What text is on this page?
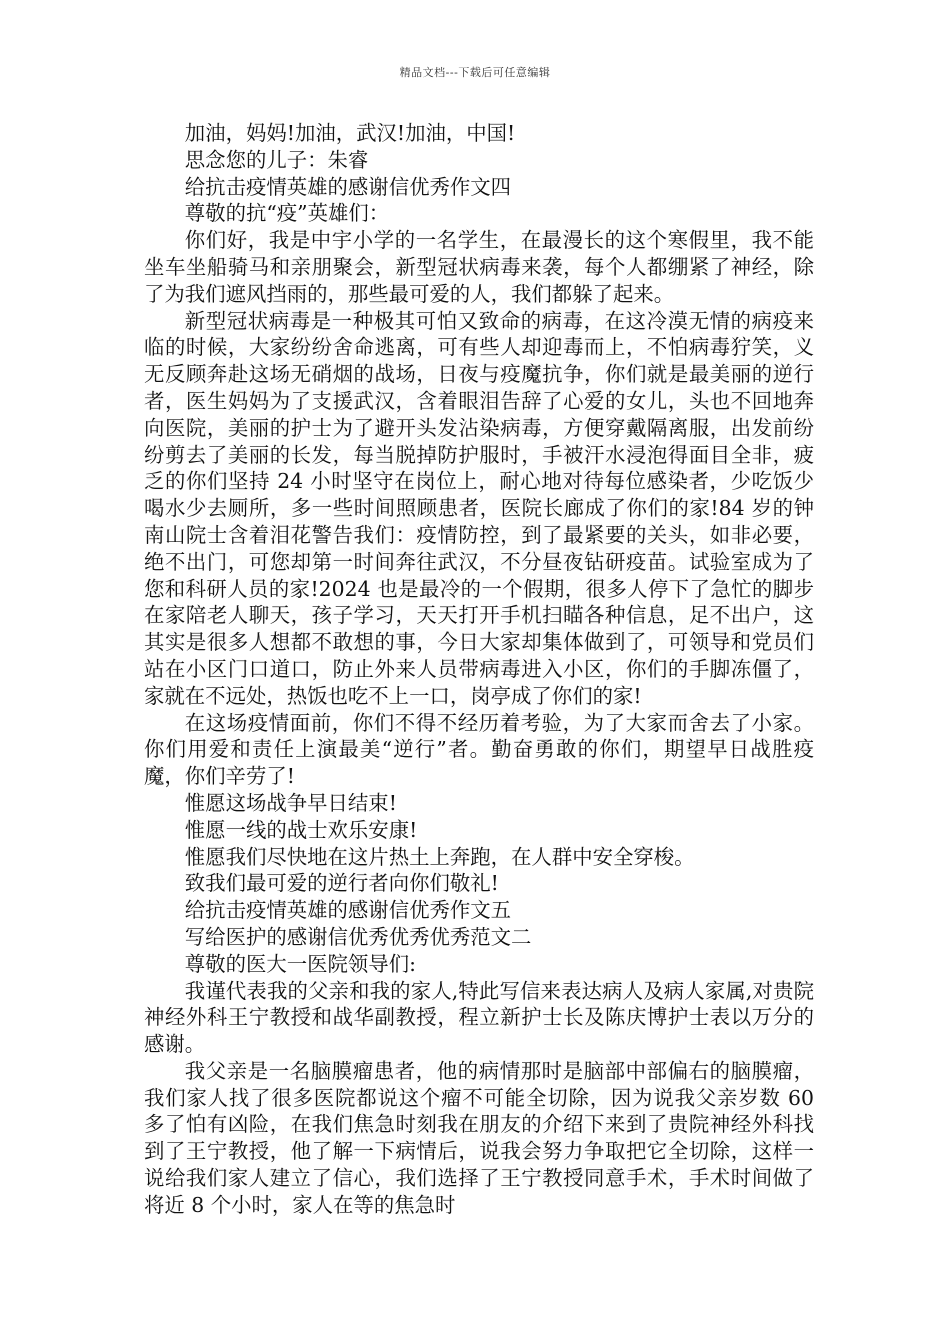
精品文档---下载后可任意编辑

加油，妈妈!加油，武汉!加油，中国!

思念您的儿子：朱睿

给抗击疫情英雄的感谢信优秀作文四

尊敬的抗“疫”英雄们：

你们好，我是中宇小学的一名学生，在最漫长的这个寒假里，我不能坐车坐船骑马和亲朋聚会，新型冠状病毒来袭，每个人都绷紧了神经，除了为我们遮风挡雨的，那些最可爱的人，我们都躲了起来。

新型冠状病毒是一种极其可怕又致命的病毒，在这冷漠无情的病疫来临的时候，大家纷纷舍命逃离，可有些人却迎毒而上，不怕病毒狞笑，义无反顾奔赴这场无硝烟的战场，日夜与疫魔抗争，你们就是最美丽的逆行者，医生妈妈为了支援武汉，含着眼泪告辞了心爱的女儿，头也不回地奔向医院，美丽的护士为了避开头发沾染病毒，方便穿戴隔离服，出发前纷纷剪去了美丽的长发，每当脱掉防护服时，手被汗水浸泡得面目全非，疲乏的你们坚持 24 小时坚守在岗位上，耐心地对待每位感染者，少吃饭少喝水少去厕所，多一些时间照顾患者，医院长廊成了你们的家!84 岁的钟南山院士含着泪花警告我们：疫情防控，到了最紧要的关头，如非必要，绝不出门，可您却第一时间奔往武汉，不分昼夜钻研疫苗。试验室成为了您和科研人员的家!2024 也是最冷的一个假期，很多人停下了急忙的脚步在家陪老人聊天，孩子学习，天天打开手机扫瞄各种信息，足不出户，这其实是很多人想都不敢想的事，今日大家却集体做到了，可领导和党员们站在小区门口道口，防止外来人员带病毒进入小区，你们的手脚冻僵了，家就在不远处，热饭也吃不上一口，岗亭成了你们的家!

在这场疫情面前，你们不得不经历着考验，为了大家而舍去了小家。你们用爱和责任上演最美“逆行”者。勤奋勇敢的你们，期望早日战胜疫魔，你们辛劳了!

惟愿这场战争早日结束!

惟愿一线的战士欢乐安康!

惟愿我们尽快地在这片热土上奔跑，在人群中安全穿梭。

致我们最可爱的逆行者向你们敬礼!

给抗击疫情英雄的感谢信优秀作文五

写给医护的感谢信优秀优秀优秀范文二

尊敬的医大一医院领导们:

我谨代表我的父亲和我的家人,特此写信来表达病人及病人家属,对贵院神经外科王宁教授和战华副教授，程立新护士长及陈庆博护士表以万分的感谢。

我父亲是一名脑膜瘤患者，他的病情那时是脑部中部偏右的脑膜瘤，我们家人找了很多医院都说这个瘤不可能全切除，因为说我父亲岁数 60 多了怕有凶险，在我们焦急时刻我在朋友的介绍下来到了贵院神经外科找到了王宁教授，他了解一下病情后，说我会努力争取把它全切除，这样一说给我们家人建立了信心，我们选择了王宁教授同意手术，手术时间做了将近 8 个小时，家人在等的焦急时
